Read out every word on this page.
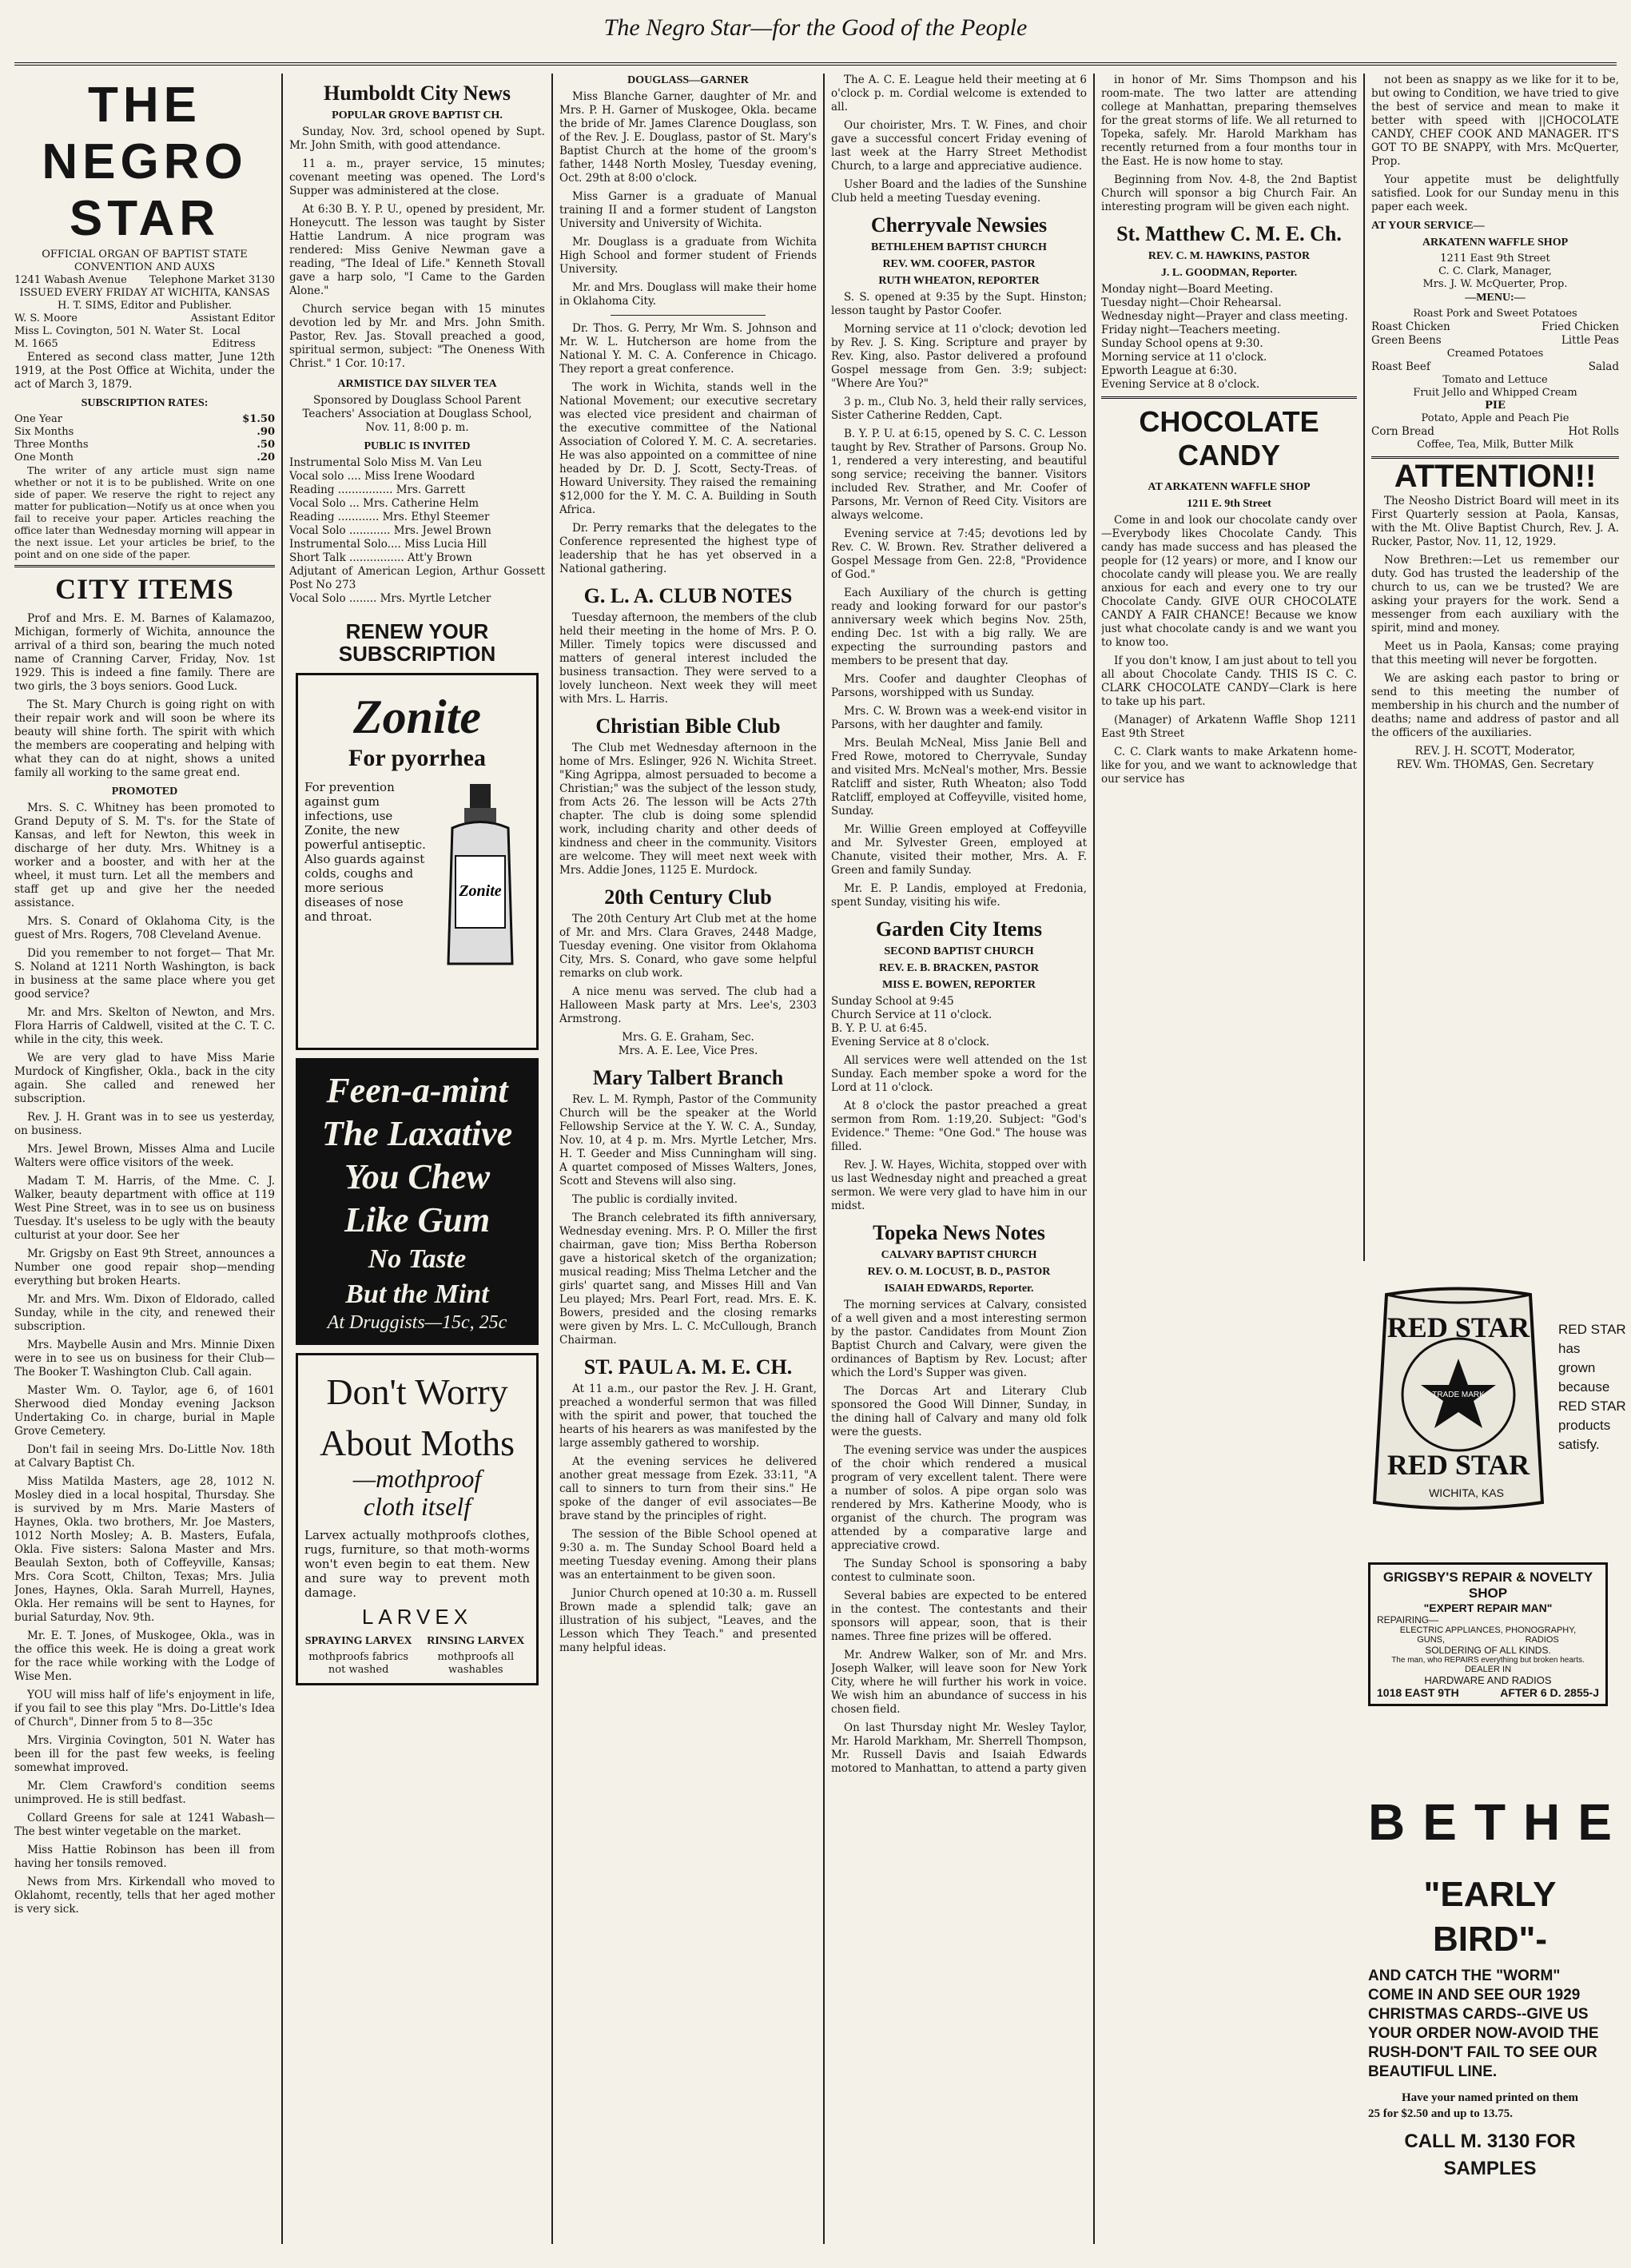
The Negro Star—for the Good of the People
THE NEGRO STAR

OFFICIAL ORGAN OF BAPTIST STATE CONVENTION AND AUXS

1241 Wabash Avenue Telephone Market 3130

ISSUED EVERY FRIDAY AT WICHITA, KANSAS

H. T. SIMS, Editor and Publisher.

W. S. Moore	Assistant Editor
Miss L. Covington, 501 N. Water St. M. 1665
Local Editress

Entered as second class matter, June 12th 1919, at the Post Office at Wichita, under the act of March 3, 1879.

SUBSCRIPTION RATES:
One Year	$1.50
Six Months	.90
Three Months	.50
One Month	.20

The writer of any article must sign name whether or not it is to be published. Write on one side of paper. We reserve the right to reject any matter for publication—Notify us at once when you fail to receive your paper. Articles reaching the office later than Wednesday morning will appear in the next issue. Let your articles be brief, to the point and on one side of the paper.

CITY ITEMS

Prof and Mrs. E. M. Barnes of Kalamazoo, Michigan, formerly of Wichita, announce the arrival of a third son, bearing the much noted name of Cranning Carver, Friday, Nov. 1st 1929. This is indeed a fine family. There are two girls, the 3 boys seniors. Good Luck.

The St. Mary Church is going right on with their repair work and will soon be where its beauty will shine forth. The spirit with which the members are cooperating and helping with what they can do at night, shows a united family all working to the same great end.

PROMOTED

Mrs. S. C. Whitney has been promoted to Grand Deputy of S. M. T's. for the State of Kansas, and left for Newton, this week in discharge of her duty. Mrs. Whitney is a worker and a booster, and with her at the wheel, it must turn. Let all the members and staff get up and give her the needed assistance.

Mrs. S. Conard of Oklahoma City, is the guest of Mrs. Rogers, 708 Cleveland Avenue.

Did you remember to not forget— That Mr. S. Noland at 1211 North Washington, is back in business at the same place where you get good service?

Mr. and Mrs. Skelton of Newton, and Mrs. Flora Harris of Caldwell, visited at the C. T. C. while in the city, this week.

We are very glad to have Miss Marie Murdock of Kingfisher, Okla., back in the city again. She called and renewed her subscription.

Rev. J. H. Grant was in to see us yesterday, on business.

Mrs. Jewel Brown, Misses Alma and Lucile Walters were office visitors of the week.

Madam T. M. Harris, of the Mme. C. J. Walker, beauty department with office at 119 West Pine Street, was in to see us on business Tuesday. It's useless to be ugly with the beauty culturist at your door. See her

Mr. Grigsby on East 9th Street, announces a Number one good repair shop—mending everything but broken Hearts.

Mr. and Mrs. Wm. Dixon of Eldorado, called Sunday, while in the city, and renewed their subscription.

Mrs. Maybelle Ausin and Mrs. Minnie Dixen were in to see us on business for their Club—The Booker T. Washington Club. Call again.

Master Wm. O. Taylor, age 6, of 1601 Sherwood died Monday evening Jackson Undertaking Co. in charge, burial in Maple Grove Cemetery.

Don't fail in seeing Mrs. Do-Little Nov. 18th at Calvary Baptist Ch.

Miss Matilda Masters, age 28, 1012 N. Mosley died in a local hospital, Thursday. She is survived by m Mrs. Marie Masters of Haynes, Okla. two brothers, Mr. Joe Masters, 1012 North Mosley; A. B. Masters, Eufala, Okla. Five sisters: Salona Master and Mrs. Beaulah Sexton, both of Coffeyville, Kansas; Mrs. Cora Scott, Chilton, Texas; Mrs. Julia Jones, Haynes, Okla. Sarah Murrell, Haynes, Okla. Her remains will be sent to Haynes, for burial Saturday, Nov. 9th.

Mr. E. T. Jones, of Muskogee, Okla., was in the office this week. He is doing a great work for the race while working with the Lodge of Wise Men.

YOU will miss half of life's enjoyment in life, if you fail to see this play "Mrs. Do-Little's Idea of Church", Dinner from 5 to 8—35c

Mrs. Virginia Covington, 501 N. Water has been ill for the past few weeks, is feeling somewhat improved.

Mr. Clem Crawford's condition seems unimproved. He is still bedfast.

Collard Greens for sale at 1241 Wabash—The best winter vegetable on the market.

Miss Hattie Robinson has been ill from having her tonsils removed.

News from Mrs. Kirkendall who moved to Oklahomt, recently, tells that her aged mother is very sick.

Humboldt City News
POPULAR GROVE BAPTIST CH.

Sunday, Nov. 3rd, school opened by Supt. Mr. John Smith, with good attendance.

11 a. m., prayer service, 15 minutes; covenant meeting was opened. The Lord's Supper was administered at the close.

At 6:30 B. Y. P. U., opened by president, Mr. Honeycutt. The lesson was taught by Sister Hattie Landrum. A nice program was rendered: Miss Genive Newman gave a reading, "The Ideal of Life." Kenneth Stovall gave a harp solo, "I Came to the Garden Alone."

Church service began with 15 minutes devotion led by Mr. and Mrs. John Smith. Pastor, Rev. Jas. Stovall preached a good, spiritual sermon, subject: "The Oneness With Christ." 1 Cor. 10:17.

ARMISTICE DAY SILVER TEA

Sponsored by Douglass School Parent Teachers' Association at Douglass School, Nov. 11, 8:00 p. m.

PUBLIC IS INVITED

Instrumental Solo Miss M. Van Leu

Vocal solo .... Miss Irene Woodard

Reading ................ Mrs. Garrett

Vocal Solo ... Mrs. Catherine Helm

Reading ............ Mrs. Ethyl Steemer

Vocal Solo ............ Mrs. Jewel Brown

Instrumental Solo.... Miss Lucia Hill

Short Talk ................ Att'y Brown

Adjutant of American Legion, Arthur Gossett Post No 273

Vocal Solo ........ Mrs. Myrtle Letcher

RENEW YOUR SUBSCRIPTION
Zonite
For pyorrhea

For prevention against gum infections, use Zonite, the new powerful antiseptic. Also guards against colds, coughs and more serious diseases of nose and throat.

Zonite
Feen-a-mint
The Laxative
You Chew
Like Gum
No Taste
But the Mint
At Druggists—15c, 25c
Don't Worry
About Moths
—mothproof
cloth itself

Larvex actually mothproofs clothes, rugs, furniture, so that moth-worms won't even begin to eat them. New and sure way to prevent moth damage.

LARVEX
SPRAYING LARVEX
mothproofs fabrics not washed
RINSING LARVEX
mothproofs all washables
DOUGLASS—GARNER

Miss Blanche Garner, daughter of Mr. and Mrs. P. H. Garner of Muskogee, Okla. became the bride of Mr. James Clarence Douglass, son of the Rev. J. E. Douglass, pastor of St. Mary's Baptist Church at the home of the groom's father, 1448 North Mosley, Tuesday evening, Oct. 29th at 8:00 o'clock.

Miss Garner is a graduate of Manual training II and a former student of Langston University and University of Wichita.

Mr. Douglass is a graduate from Wichita High School and former student of Friends University.

Mr. and Mrs. Douglass will make their home in Oklahoma City.

Dr. Thos. G. Perry, Mr Wm. S. Johnson and Mr. W. L. Hutcherson are home from the National Y. M. C. A. Conference in Chicago. They report a great conference.

The work in Wichita, stands well in the National Movement; our executive secretary was elected vice president and chairman of the executive committee of the National Association of Colored Y. M. C. A. secretaries. He was also appointed on a committee of nine headed by Dr. D. J. Scott, Secty-Treas. of Howard University. They raised the remaining $12,000 for the Y. M. C. A. Building in South Africa.

Dr. Perry remarks that the delegates to the Conference represented the highest type of leadership that he has yet observed in a National gathering.

G. L. A. CLUB NOTES

Tuesday afternoon, the members of the club held their meeting in the home of Mrs. P. O. Miller. Timely topics were discussed and matters of general interest included the business transaction. They were served to a lovely luncheon. Next week they will meet with Mrs. L. Harris.

Christian Bible Club

The Club met Wednesday afternoon in the home of Mrs. Eslinger, 926 N. Wichita Street. "King Agrippa, almost persuaded to become a Christian;" was the subject of the lesson study, from Acts 26. The lesson will be Acts 27th chapter. The club is doing some splendid work, including charity and other deeds of kindness and cheer in the community. Visitors are welcome. They will meet next week with Mrs. Addie Jones, 1125 E. Murdock.

20th Century Club

The 20th Century Art Club met at the home of Mr. and Mrs. Clara Graves, 2448 Madge, Tuesday evening. One visitor from Oklahoma City, Mrs. S. Conard, who gave some helpful remarks on club work.

A nice menu was served. The club had a Halloween Mask party at Mrs. Lee's, 2303 Armstrong.

Mrs. G. E. Graham, Sec.

Mrs. A. E. Lee, Vice Pres.

Mary Talbert Branch

Rev. L. M. Rymph, Pastor of the Community Church will be the speaker at the World Fellowship Service at the Y. W. C. A., Sunday, Nov. 10, at 4 p. m. Mrs. Myrtle Letcher, Mrs. H. T. Geeder and Miss Cunningham will sing. A quartet composed of Misses Walters, Jones, Scott and Stevens will also sing.

The public is cordially invited.

The Branch celebrated its fifth anniversary, Wednesday evening. Mrs. P. O. Miller the first chairman, gave tion; Miss Bertha Roberson gave a historical sketch of the organization; musical reading; Miss Thelma Letcher and the girls' quartet sang, and Misses Hill and Van Leu played; Mrs. Pearl Fort, read. Mrs. E. K. Bowers, presided and the closing remarks were given by Mrs. L. C. McCullough, Branch Chairman.

ST. PAUL A. M. E. CH.

At 11 a.m., our pastor the Rev. J. H. Grant, preached a wonderful sermon that was filled with the spirit and power, that touched the hearts of his hearers as was manifested by the large assembly gathered to worship.

At the evening services he delivered another great message from Ezek. 33:11, "A call to sinners to turn from their sins." He spoke of the danger of evil associates—Be brave stand by the principles of right.

The session of the Bible School opened at 9:30 a. m. The Sunday School Board held a meeting Tuesday evening. Among their plans was an entertainment to be given soon.

Junior Church opened at 10:30 a. m. Russell Brown made a splendid talk; gave an illustration of his subject, "Leaves, and the Lesson which They Teach." and presented many helpful ideas.

The A. C. E. League held their meeting at 6 o'clock p. m. Cordial welcome is extended to all.

Our choirister, Mrs. T. W. Fines, and choir gave a successful concert Friday evening of last week at the Harry Street Methodist Church, to a large and appreciative audience.

Usher Board and the ladies of the Sunshine Club held a meeting Tuesday evening.

Cherryvale Newsies
BETHLEHEM BAPTIST CHURCH
REV. WM. COOFER, PASTOR
RUTH WHEATON, REPORTER

S. S. opened at 9:35 by the Supt. Hinston; lesson taught by Pastor Coofer.

Morning service at 11 o'clock; devotion led by Rev. J. S. King. Scripture and prayer by Rev. King, also. Pastor delivered a profound Gospel message from Gen. 3:9; subject: "Where Are You?"

3 p. m., Club No. 3, held their rally services, Sister Catherine Redden, Capt.

B. Y. P. U. at 6:15, opened by S. C. C. Lesson taught by Rev. Strather of Parsons. Group No. 1, rendered a very interesting, and beautiful song service; receiving the banner. Visitors included Rev. Strather, and Mr. Coofer of Parsons, Mr. Vernon of Reed City. Visitors are always welcome.

Evening service at 7:45; devotions led by Rev. C. W. Brown. Rev. Strather delivered a Gospel Message from Gen. 22:8, "Providence of God."

Each Auxiliary of the church is getting ready and looking forward for our pastor's anniversary week which begins Nov. 25th, ending Dec. 1st with a big rally. We are expecting the surrounding pastors and members to be present that day.

Mrs. Coofer and daughter Cleophas of Parsons, worshipped with us Sunday.

Mrs. C. W. Brown was a week-end visitor in Parsons, with her daughter and family.

Mrs. Beulah McNeal, Miss Janie Bell and Fred Rowe, motored to Cherryvale, Sunday and visited Mrs. McNeal's mother, Mrs. Bessie Ratcliff and sister, Ruth Wheaton; also Todd Ratcliff, employed at Coffeyville, visited home, Sunday.

Mr. Willie Green employed at Coffeyville and Mr. Sylvester Green, employed at Chanute, visited their mother, Mrs. A. F. Green and family Sunday.

Mr. E. P. Landis, employed at Fredonia, spent Sunday, visiting his wife.

Garden City Items
SECOND BAPTIST CHURCH
REV. E. B. BRACKEN, PASTOR
MISS E. BOWEN, REPORTER

Sunday School at 9:45

Church Service at 11 o'clock.

B. Y. P. U. at 6:45.

Evening Service at 8 o'clock.

All services were well attended on the 1st Sunday. Each member spoke a word for the Lord at 11 o'clock.

At 8 o'clock the pastor preached a great sermon from Rom. 1:19,20. Subject: "God's Evidence." Theme: "One God." The house was filled.

Rev. J. W. Hayes, Wichita, stopped over with us last Wednesday night and preached a great sermon. We were very glad to have him in our midst.

Topeka News Notes
CALVARY BAPTIST CHURCH
REV. O. M. LOCUST, B. D., PASTOR
ISAIAH EDWARDS, Reporter.

The morning services at Calvary, consisted of a well given and a most interesting sermon by the pastor. Candidates from Mount Zion Baptist Church and Calvary, were given the ordinances of Baptism by Rev. Locust; after which the Lord's Supper was given.

The Dorcas Art and Literary Club sponsored the Good Will Dinner, Sunday, in the dining hall of Calvary and many old folk were the guests.

The evening service was under the auspices of the choir which rendered a musical program of very excellent talent. There were a number of solos. A pipe organ solo was rendered by Mrs. Katherine Moody, who is organist of the church. The program was attended by a comparative large and appreciative crowd.

The Sunday School is sponsoring a baby contest to culminate soon.

Several babies are expected to be entered in the contest. The contestants and their sponsors will appear, soon, that is their names. Three fine prizes will be offered.

Mr. Andrew Walker, son of Mr. and Mrs. Joseph Walker, will leave soon for New York City, where he will further his work in voice. We wish him an abundance of success in his chosen field.

On last Thursday night Mr. Wesley Taylor, Mr. Harold Markham, Mr. Sherrell Thompson, Mr. Russell Davis and Isaiah Edwards motored to Manhattan, to attend a party given

in honor of Mr. Sims Thompson and his room-mate. The two latter are attending college at Manhattan, preparing themselves for the great storms of life. We all returned to Topeka, safely. Mr. Harold Markham has recently returned from a four months tour in the East. He is now home to stay.

Beginning from Nov. 4-8, the 2nd Baptist Church will sponsor a big Church Fair. An interesting program will be given each night.

St. Matthew C. M. E. Ch.
REV. C. M. HAWKINS, PASTOR
J. L. GOODMAN, Reporter.

Monday night—Board Meeting.

Tuesday night—Choir Rehearsal.

Wednesday night—Prayer and class meeting.

Friday night—Teachers meeting.

Sunday School opens at 9:30.

Morning service at 11 o'clock.

Epworth League at 6:30.

Evening Service at 8 o'clock.

CHOCOLATE CANDY
AT ARKATENN WAFFLE SHOP
1211 E. 9th Street

Come in and look our chocolate candy over—Everybody likes Chocolate Candy. This candy has made success and has pleased the people for (12 years) or more, and I know our chocolate candy will please you. We are really anxious for each and every one to try our Chocolate Candy. GIVE OUR CHOCOLATE CANDY A FAIR CHANCE! Because we know just what chocolate candy is and we want you to know too.

If you don't know, I am just about to tell you all about Chocolate Candy. THIS IS C. C. CLARK CHOCOLATE CANDY—Clark is here to take up his part.

(Manager) of Arkatenn Waffle Shop 1211 East 9th Street

C. C. Clark wants to make Arkatenn home-like for you, and we want to acknowledge that our service has

not been as snappy as we like for it to be, but owing to Condition, we have tried to give the best of service and mean to make it better with speed with ||CHOCOLATE CANDY, CHEF COOK AND MANAGER. IT'S GOT TO BE SNAPPY, with Mrs. McQuerter, Prop.

Your appetite must be delightfully satisfied. Look for our Sunday menu in this paper each week.

AT YOUR SERVICE—
ARKATENN WAFFLE SHOP

1211 East 9th Street

C. C. Clark, Manager,

Mrs. J. W. McQuerter, Prop.

—MENU:—

Roast Pork and Sweet Potatoes

Roast Chicken	Fried Chicken
Green Beens	Little Peas

Creamed Potatoes

Roast Beef	Salad

Tomato and Lettuce

Fruit Jello and Whipped Cream

PIE

Potato, Apple and Peach Pie

Corn Bread	Hot Rolls

Coffee, Tea, Milk, Butter Milk

ATTENTION!!

The Neosho District Board will meet in its First Quarterly session at Paola, Kansas, with the Mt. Olive Baptist Church, Rev. J. A. Rucker, Pastor, Nov. 11, 12, 1929.

Now Brethren:—Let us remember our duty. God has trusted the leadership of the church to us, can we be trusted? We are asking your prayers for the work. Send a messenger from each auxiliary with the spirit, mind and money.

Meet us in Paola, Kansas; come praying that this meeting will never be forgotten.

We are asking each pastor to bring or send to this meeting the number of membership in his church and the number of deaths; name and address of pastor and all the officers of the auxiliaries.

REV. J. H. SCOTT, Moderator,

REV. Wm. THOMAS, Gen. Secretary

RED STAR
TRADE MARK
RED STAR
WICHITA, KAS
RED STAR has
grown because
RED STAR products
satisfy.
GRIGSBY'S REPAIR & NOVELTY SHOP
"EXPERT REPAIR MAN"
REPAIRING—
ELECTRIC APPLIANCES, PHONOGRAPHY,
GUNS,	RADIOS
SOLDERING OF ALL KINDS.
The man, who REPAIRS everything but broken hearts.
DEALER IN
HARDWARE AND RADIOS
1018 EAST 9TH	AFTER 6 D. 2855-J
B E T H E
"EARLY BIRD"-
AND CATCH THE "WORM"
COME IN AND SEE OUR 1929
CHRISTMAS CARDS--GIVE US
YOUR ORDER NOW-AVOID THE
RUSH-DON'T FAIL TO SEE OUR
BEAUTIFUL LINE.
Have your named printed on them
25 for $2.50 and up to 13.75.
CALL M. 3130 FOR SAMPLES
